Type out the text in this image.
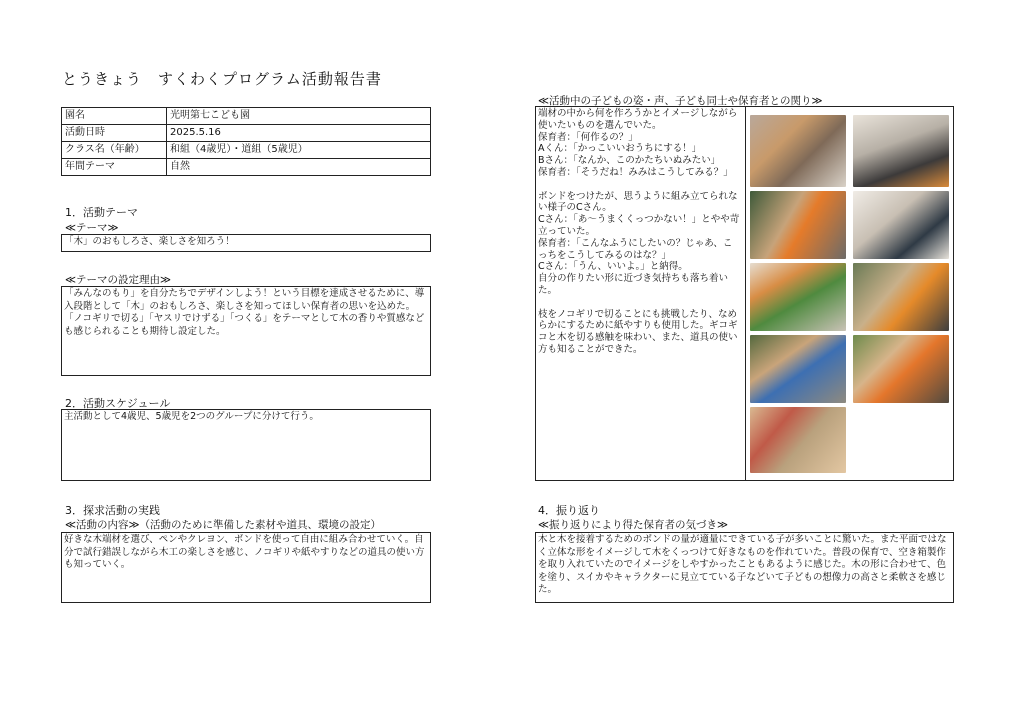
とうきょう　すくわくプログラム活動報告書
園名	光明第七こども園
活動日時	2025.5.16
クラス名（年齢）	和組（4歳児）・道組（5歳児）
年間テーマ	自然
1．活動テーマ
≪テーマ≫
「木」のおもしろさ、楽しさを知ろう！
≪テーマの設定理由≫
「みんなのもり」を自分たちでデザインしよう！という目標を達成させるために、導入段階として「木」のおもしろさ、楽しさを知ってほしい保育者の思いを込めた。「ノコギリで切る」「ヤスリでけずる」「つくる」をテーマとして木の香りや質感なども感じられることも期待し設定した。
2．活動スケジュール
主活動として4歳児、5歳児を2つのグループに分けて行う。
3．探求活動の実践
≪活動の内容≫（活動のために準備した素材や道具、環境の設定）
好きな木端材を選び、ペンやクレヨン、ボンドを使って自由に組み合わせていく。自分で試行錯誤しながら木工の楽しさを感じ、ノコギリや紙やすりなどの道具の使い方も知っていく。
≪活動中の子どもの姿・声、子ども同士や保育者との関り≫
端材の中から何を作ろうかとイメージしながら使いたいものを選んでいた。
保育者：「何作るの？」
Aくん：「かっこいいおうちにする！」
Bさん：「なんか、このかたちいぬみたい」
保育者：「そうだね！みみはこうしてみる？」

ボンドをつけたが、思うように組み立てられない様子のCさん。
Cさん：「あ～うまくくっつかない！」とやや苛立っていた。
保育者：「こんなふうにしたいの？じゃあ、こっちをこうしてみるのはな？」
Cさん：「うん、いいよ。」と納得。
自分の作りたい形に近づき気持ちも落ち着いた。

枝をノコギリで切ることにも挑戦したり、なめらかにするために紙やすりも使用した。ギコギコと木を切る感触を味わい、また、道具の使い方も知ることができた。
4．振り返り
≪振り返りにより得た保育者の気づき≫
木と木を接着するためのボンドの量が適量にできている子が多いことに驚いた。また平面ではなく立体な形をイメージして木をくっつけて好きなものを作れていた。普段の保育で、空き箱製作を取り入れていたのでイメージをしやすかったこともあるように感じた。木の形に合わせて、色を塗り、スイカやキャラクターに見立てている子などいて子どもの想像力の高さと柔軟さを感じた。
